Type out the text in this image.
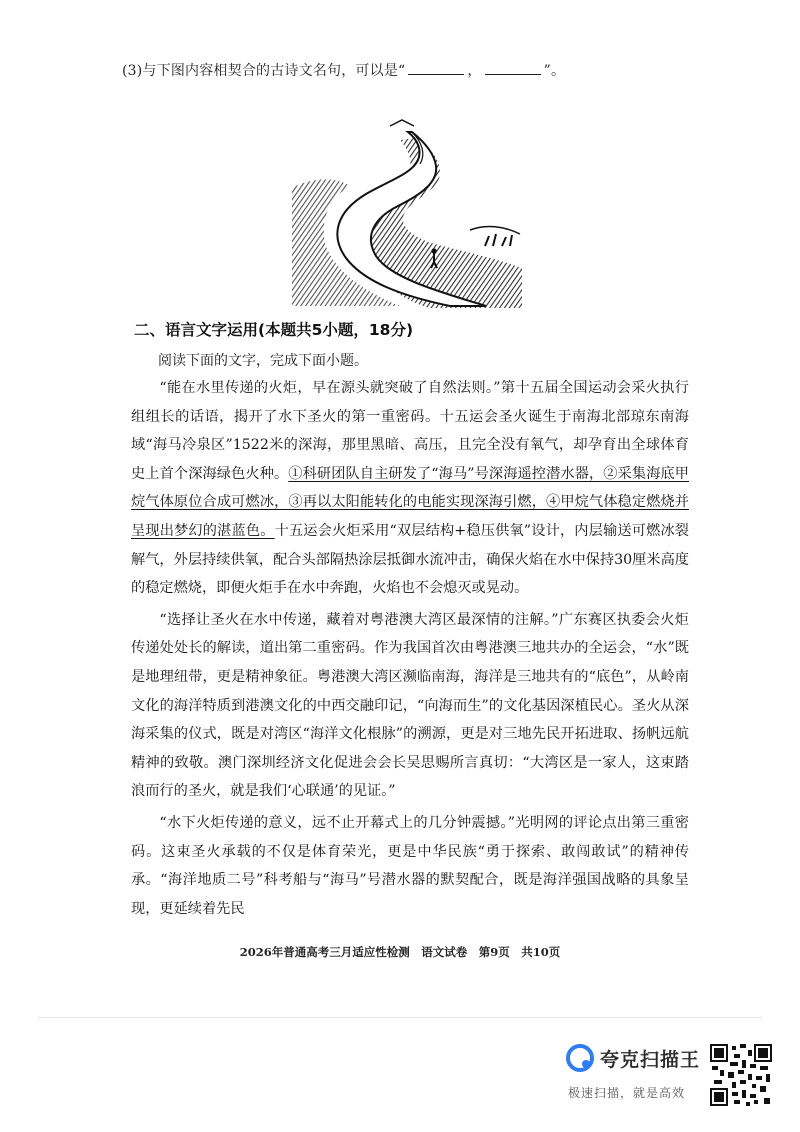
(3)与下图内容相契合的古诗文名句，可以是“	，	”。
二、语言文字运用(本题共5小题，18分)
阅读下面的文字，完成下面小题。

“能在水里传递的火炬，早在源头就突破了自然法则。”第十五届全国运动会采火执行组组长的话语，揭开了水下圣火的第一重密码。十五运会圣火诞生于南海北部琼东南海域“海马冷泉区”1522米的深海，那里黑暗、高压，且完全没有氧气，却孕育出全球体育史上首个深海绿色火种。①科研团队自主研发了“海马”号深海遥控潜水器，②采集海底甲烷气体原位合成可燃冰，③再以太阳能转化的电能实现深海引燃，④甲烷气体稳定燃烧并呈现出梦幻的湛蓝色。十五运会火炬采用“双层结构+稳压供氧”设计，内层输送可燃冰裂解气，外层持续供氧，配合头部隔热涂层抵御水流冲击，确保火焰在水中保持30厘米高度的稳定燃烧，即便火炬手在水中奔跑，火焰也不会熄灭或晃动。

“选择让圣火在水中传递，藏着对粤港澳大湾区最深情的注解。”广东赛区执委会火炬传递处处长的解读，道出第二重密码。作为我国首次由粤港澳三地共办的全运会，“水”既是地理纽带，更是精神象征。粤港澳大湾区濒临南海，海洋是三地共有的“底色”，从岭南文化的海洋特质到港澳文化的中西交融印记，“向海而生”的文化基因深植民心。圣火从深海采集的仪式，既是对湾区“海洋文化根脉”的溯源，更是对三地先民开拓进取、扬帆远航精神的致敬。澳门深圳经济文化促进会会长吴思赐所言真切：“大湾区是一家人，这束踏浪而行的圣火，就是我们‘心联通’的见证。”

“水下火炬传递的意义，远不止开幕式上的几分钟震撼。”光明网的评论点出第三重密码。这束圣火承载的不仅是体育荣光，更是中华民族“勇于探索、敢闯敢试”的精神传承。“海洋地质二号”科考船与“海马”号潜水器的默契配合，既是海洋强国战略的具象呈现，更延续着先民

2026年普通高考三月适应性检测　语文试卷　第9页　共10页
夸克扫描王
极速扫描，就是高效
